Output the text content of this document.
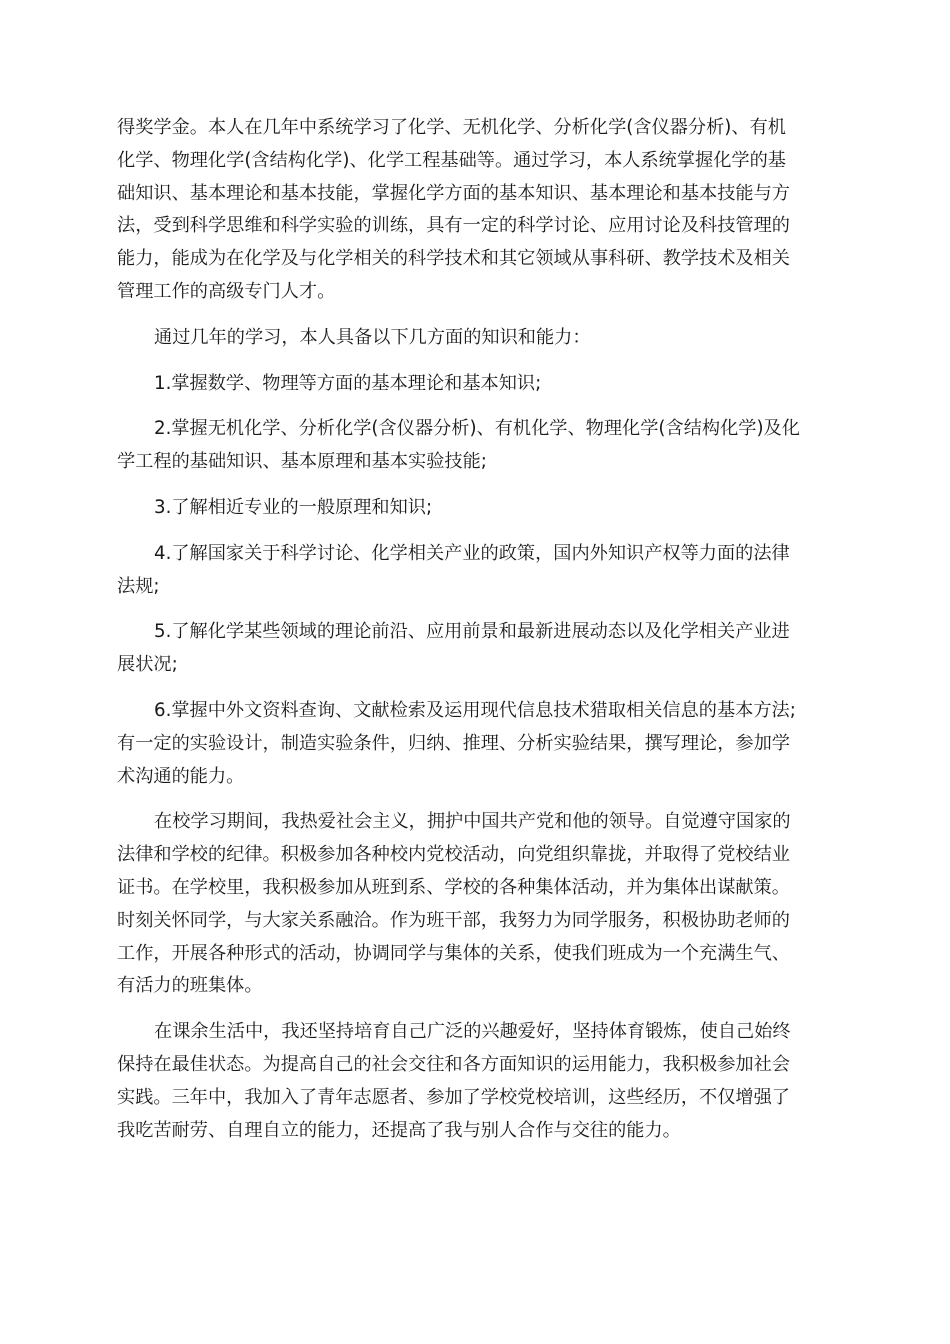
得奖学金。本人在几年中系统学习了化学、无机化学、分析化学(含仪器分析)、有机
化学、物理化学(含结构化学)、化学工程基础等。通过学习，本人系统掌握化学的基
础知识、基本理论和基本技能，掌握化学方面的基本知识、基本理论和基本技能与方
法，受到科学思维和科学实验的训练，具有一定的科学讨论、应用讨论及科技管理的
能力，能成为在化学及与化学相关的科学技术和其它领域从事科研、教学技术及相关
管理工作的高级专门人才。

通过几年的学习，本人具备以下几方面的知识和能力：

1.掌握数学、物理等方面的基本理论和基本知识;

2.掌握无机化学、分析化学(含仪器分析)、有机化学、物理化学(含结构化学)及化
学工程的基础知识、基本原理和基本实验技能;

3.了解相近专业的一般原理和知识;

4.了解国家关于科学讨论、化学相关产业的政策，国内外知识产权等力面的法律
法规;

5.了解化学某些领域的理论前沿、应用前景和最新进展动态以及化学相关产业进
展状况;

6.掌握中外文资料查询、文献检索及运用现代信息技术猎取相关信息的基本方法;
有一定的实验设计，制造实验条件，归纳、推理、分析实验结果，撰写理论，参加学
术沟通的能力。

在校学习期间，我热爱社会主义，拥护中国共产党和他的领导。自觉遵守国家的
法律和学校的纪律。积极参加各种校内党校活动，向党组织靠拢，并取得了党校结业
证书。在学校里，我积极参加从班到系、学校的各种集体活动，并为集体出谋献策。
时刻关怀同学，与大家关系融洽。作为班干部，我努力为同学服务，积极协助老师的
工作，开展各种形式的活动，协调同学与集体的关系，使我们班成为一个充满生气、
有活力的班集体。

在课余生活中，我还坚持培育自己广泛的兴趣爱好，坚持体育锻炼，使自己始终
保持在最佳状态。为提高自己的社会交往和各方面知识的运用能力，我积极参加社会
实践。三年中，我加入了青年志愿者、参加了学校党校培训，这些经历，不仅增强了
我吃苦耐劳、自理自立的能力，还提高了我与别人合作与交往的能力。
